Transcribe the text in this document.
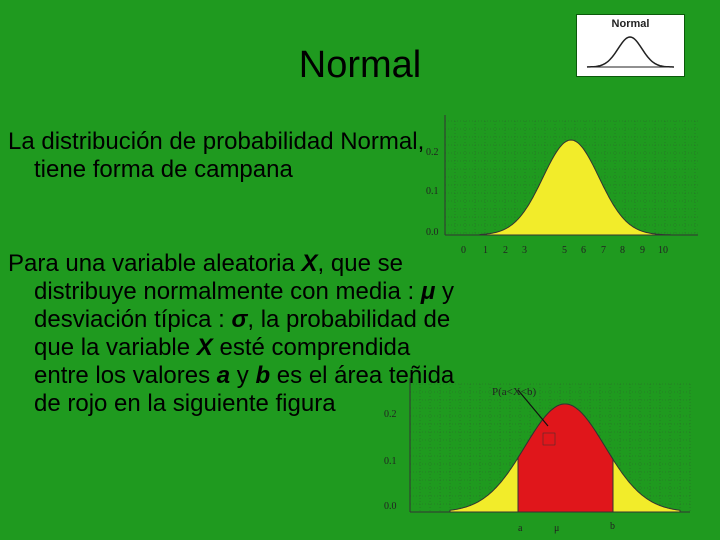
Normal
La distribución de probabilidad Normal, tiene forma de campana
Para una variable aleatoria X, que se distribuye normalmente con media : μ y desviación típica : σ, la probabilidad de que la variable X esté comprendida entre los valores a y b es el área teñida de rojo en la siguiente figura
Normal
0.2
0.1
0.0
0 1 2 3	5 6 7 8 9 10
0.2
0.1
0.0
P(a<X<b)
a	μ	b
